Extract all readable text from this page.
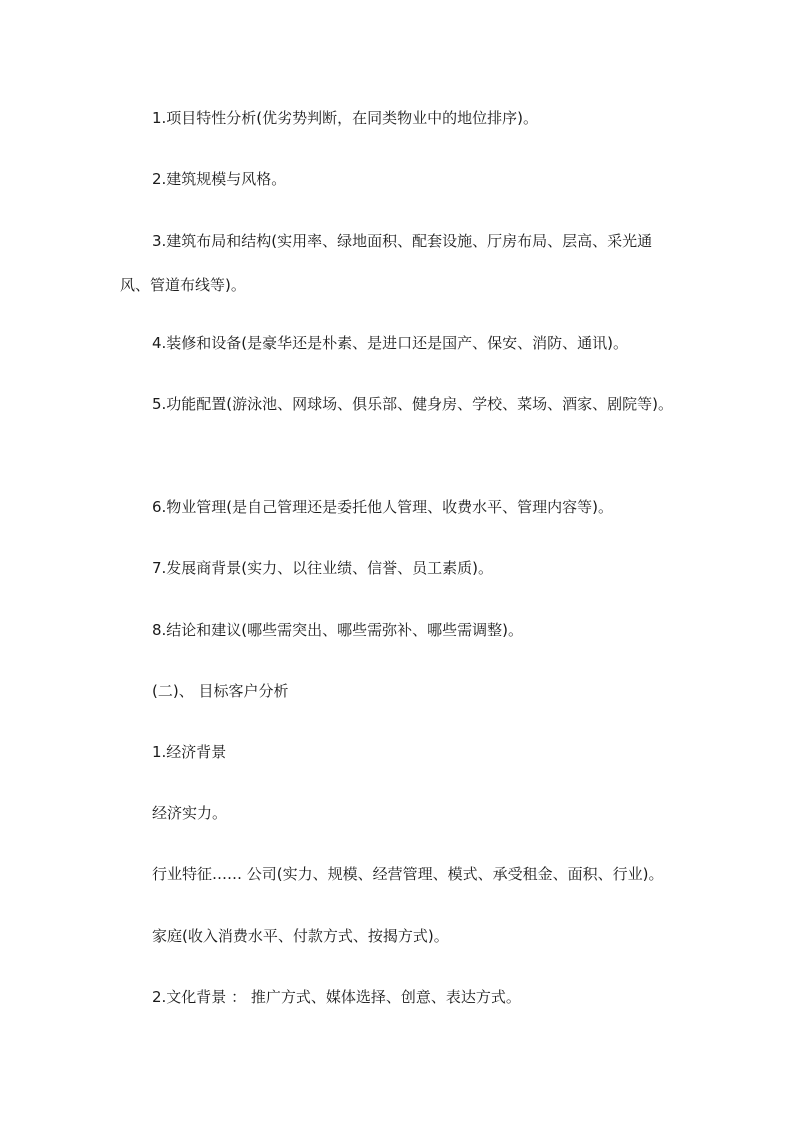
1.项目特性分析(优劣势判断，在同类物业中的地位排序)。

2.建筑规模与风格。

3.建筑布局和结构(实用率、绿地面积、配套设施、厅房布局、层高、采光通风、管道布线等)。

4.装修和设备(是豪华还是朴素、是进口还是国产、保安、消防、通讯)。

5.功能配置(游泳池、网球场、俱乐部、健身房、学校、菜场、酒家、剧院等)。

6.物业管理(是自己管理还是委托他人管理、收费水平、管理内容等)。

7.发展商背景(实力、以往业绩、信誉、员工素质)。

8.结论和建议(哪些需突出、哪些需弥补、哪些需调整)。

(二)、 目标客户分析

1.经济背景

经济实力。

行业特征…… 公司(实力、规模、经营管理、模式、承受租金、面积、行业)。

家庭(收入消费水平、付款方式、按揭方式)。

2.文化背景 ： 推广方式、媒体选择、创意、表达方式。
